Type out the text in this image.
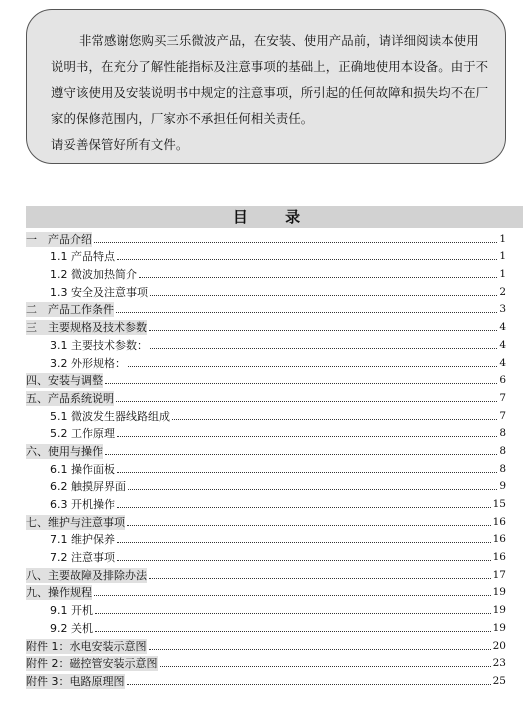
非常感谢您购买三乐微波产品，在安装、使用产品前，请详细阅读本使用说明书，在充分了解性能指标及注意事项的基础上，正确地使用本设备。由于不遵守该使用及安装说明书中规定的注意事项，所引起的任何故障和损失均不在厂家的保修范围内，厂家亦不承担任何相关责任。

请妥善保管好所有文件。

目 录
一　产品介绍	1
1.1 产品特点	1
1.2 微波加热简介	1
1.3 安全及注意事项	2
二　产品工作条件	3
三　主要规格及技术参数	4
3.1 主要技术参数：	4
3.2 外形规格：	4
四、安装与调整	6
五、产品系统说明	7
5.1 微波发生器线路组成	7
5.2 工作原理	8
六、使用与操作	8
6.1 操作面板	8
6.2 触摸屏界面	9
6.3 开机操作	15
七、维护与注意事项	16
7.1 维护保养	16
7.2 注意事项	16
八、主要故障及排除办法	17
九、操作规程	19
9.1 开机	19
9.2 关机	19
附件 1：水电安装示意图	20
附件 2：磁控管安装示意图	23
附件 3：电路原理图	25
